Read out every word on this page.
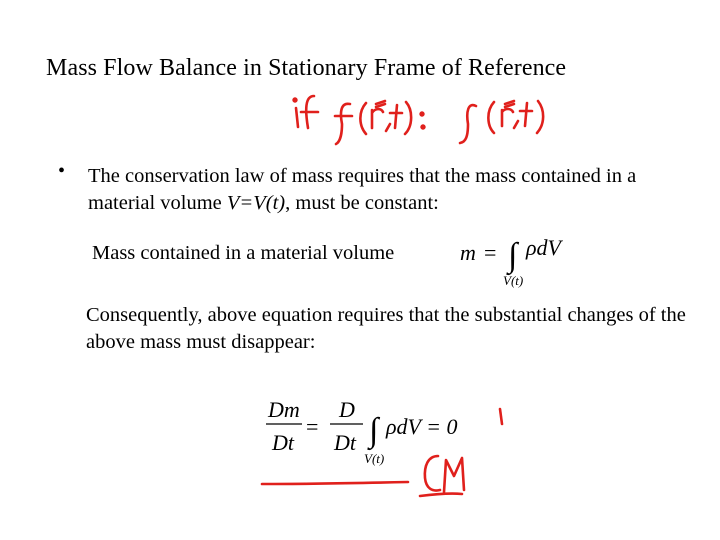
Mass Flow Balance in Stationary Frame of Reference
• The conservation law of mass requires that the mass contained in a material volume V=V(t), must be constant:
Mass contained in a material volume
Consequently, above equation requires that the substantial changes of the above mass must disappear:
m = ∫ ρdV
V(t)
Dm
Dt
=
D
Dt ∫ ρdV = 0
V(t)
